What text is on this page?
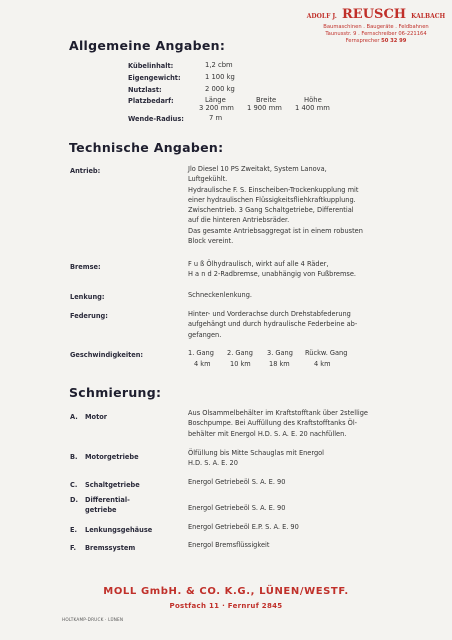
ADOLF J. REUSCH KALBACH
Baumaschinen . Baugeräte . Feldbahnen
Taunusstr. 9 . Fernschreiber 06-221164
Fernsprecher 50 32 99
Allgemeine Angaben:
Kübelinhalt:	1,2 cbm
Eigengewicht:	1 100 kg
Nutzlast:	2 000 kg
Platzbedarf:	Länge	Breite	Höhe
3 200 mm 1 900 mm 1 400 mm
Wende-Radius:	7 m
Technische Angaben:
Antrieb:	Jlo Diesel 10 PS Zweitakt, System Lanova,
Luftgekühlt.
Hydraulische F. S. Einscheiben-Trockenkupplung mit
einer hydraulischen Flüssigkeitsfliehkraftkupplung.
Zwischentrieb. 3 Gang Schaltgetriebe, Differential
auf die hinteren Antriebsräder.
Das gesamte Antriebsaggregat ist in einem robusten
Block vereint.
Bremse:	F u ß Ölhydraulisch, wirkt auf alle 4 Räder,
H a n d 2-Radbremse, unabhängig von Fußbremse.
Lenkung:	Schneckenlenkung.
Federung:	Hinter- und Vorderachse durch Drehstabfederung
aufgehängt und durch hydraulische Federbeine ab-
gefangen.
Geschwindigkeiten:	1. Gang 2. Gang 3. Gang Rückw. Gang
4 km	10 km	18 km	4 km
Schmierung:
A. Motor	Aus Olsammelbehälter im Kraftstofftank über 2stellige
Boschpumpe. Bei Auffüllung des Kraftstofftanks Öl-
behälter mit Energol H.D. S. A. E. 20 nachfüllen.
B. Motorgetriebe	Ölfüllung bis Mitte Schauglas mit Energol
H.D. S. A. E. 20
C. Schaltgetriebe	Energol Getriebeöl S. A. E. 90
D. Differential-
getriebe	Energol Getriebeöl S. A. E. 90
E. Lenkungsgehäuse	Energol Getriebeöl E.P. S. A. E. 90
F. Bremssystem	Energol Bremsflüssigkeit
MOLL GmbH. & CO. K.G., LÜNEN/WESTF.
Postfach 11 · Fernruf 2845
HOLTKAMP-DRUCK · LÜNEN
